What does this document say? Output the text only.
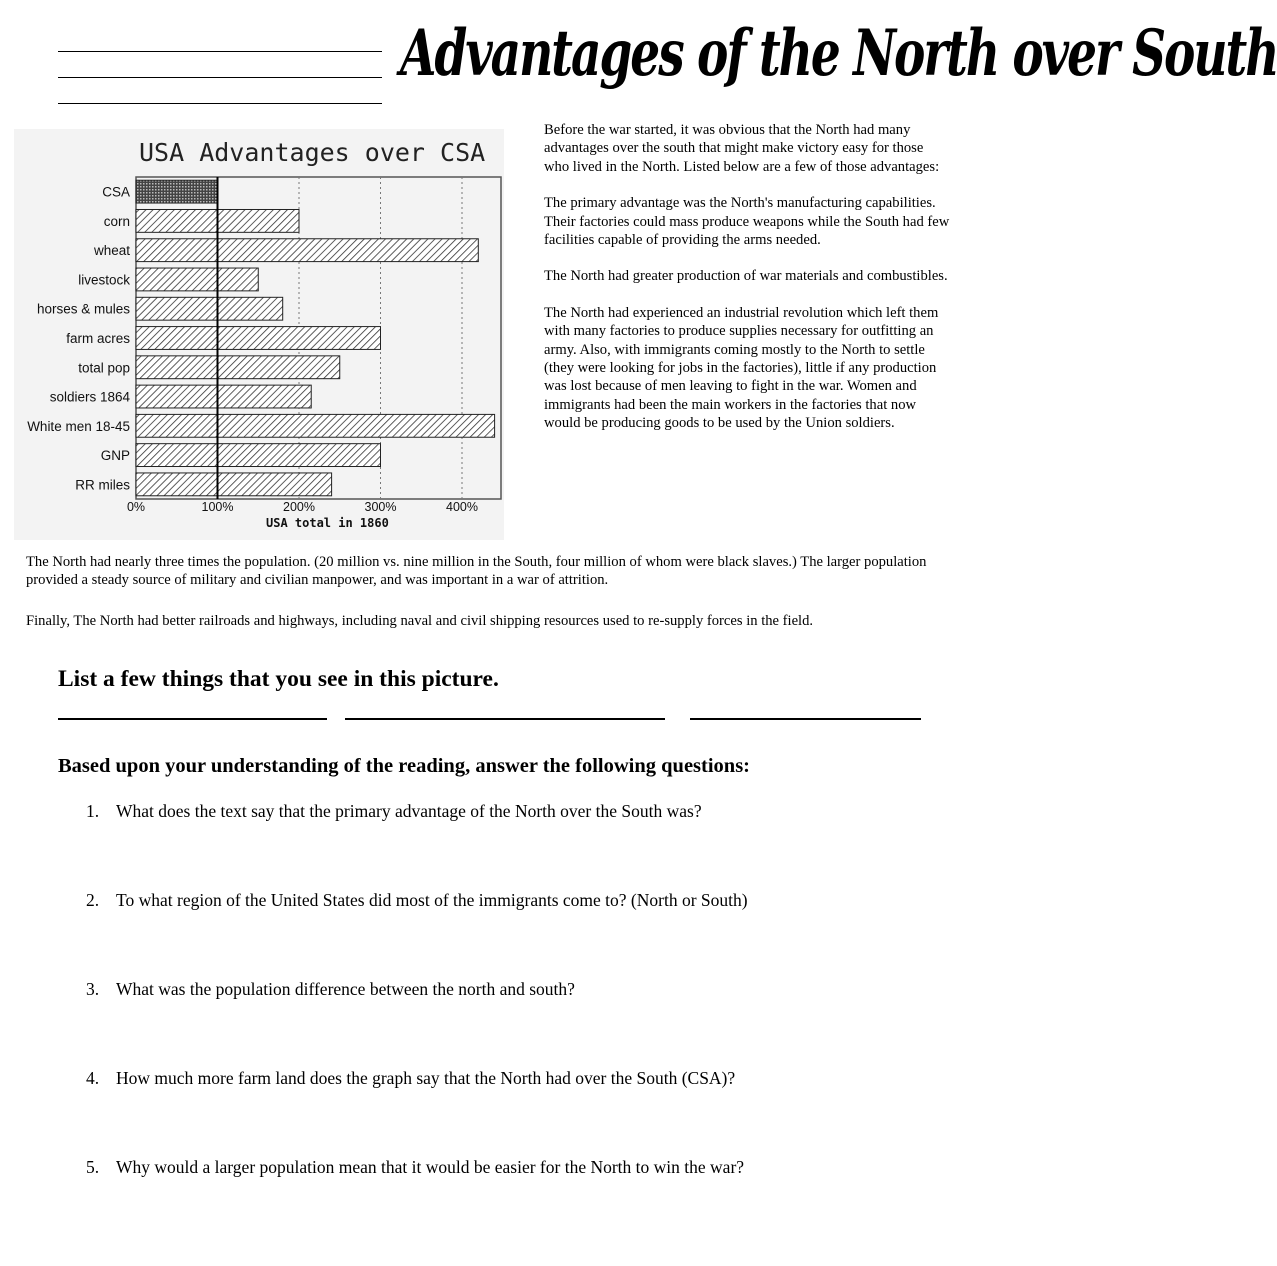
Advantages of the North over South
USA Advantages over CSA
USA total in 1860
CSA
corn
wheat
livestock
horses & mules
farm acres
total pop
soldiers 1864
White men 18-45
GNP
RR miles
0%	100%	200%	300%	400%

Before the war started, it was obvious that the North had many advantages over the south that might make victory easy for those who lived in the North. Listed below are a few of those advantages:

The primary advantage was the North's manufacturing capabilities. Their factories could mass produce weapons while the South had few facilities capable of providing the arms needed.

The North had greater production of war materials and combustibles.

The North had experienced an industrial revolution which left them with many factories to produce supplies necessary for outfitting an army. Also, with immigrants coming mostly to the North to settle (they were looking for jobs in the factories), little if any production was lost because of men leaving to fight in the war. Women and immigrants had been the main workers in the factories that now would be producing goods to be used by the Union soldiers.

The North had nearly three times the population. (20 million vs. nine million in the South, four million of whom were black slaves.) The larger population provided a steady source of military and civilian manpower, and was important in a war of attrition.

Finally, The North had better railroads and highways, including naval and civil shipping resources used to re-supply forces in the field.

List a few things that you see in this picture.
Based upon your understanding of the reading, answer the following questions:
1. What does the text say that the primary advantage of the North over the South was?
2. To what region of the United States did most of the immigrants come to? (North or South)
3. What was the population difference between the north and south?
4. How much more farm land does the graph say that the North had over the South (CSA)?
5. Why would a larger population mean that it would be easier for the North to win the war?
